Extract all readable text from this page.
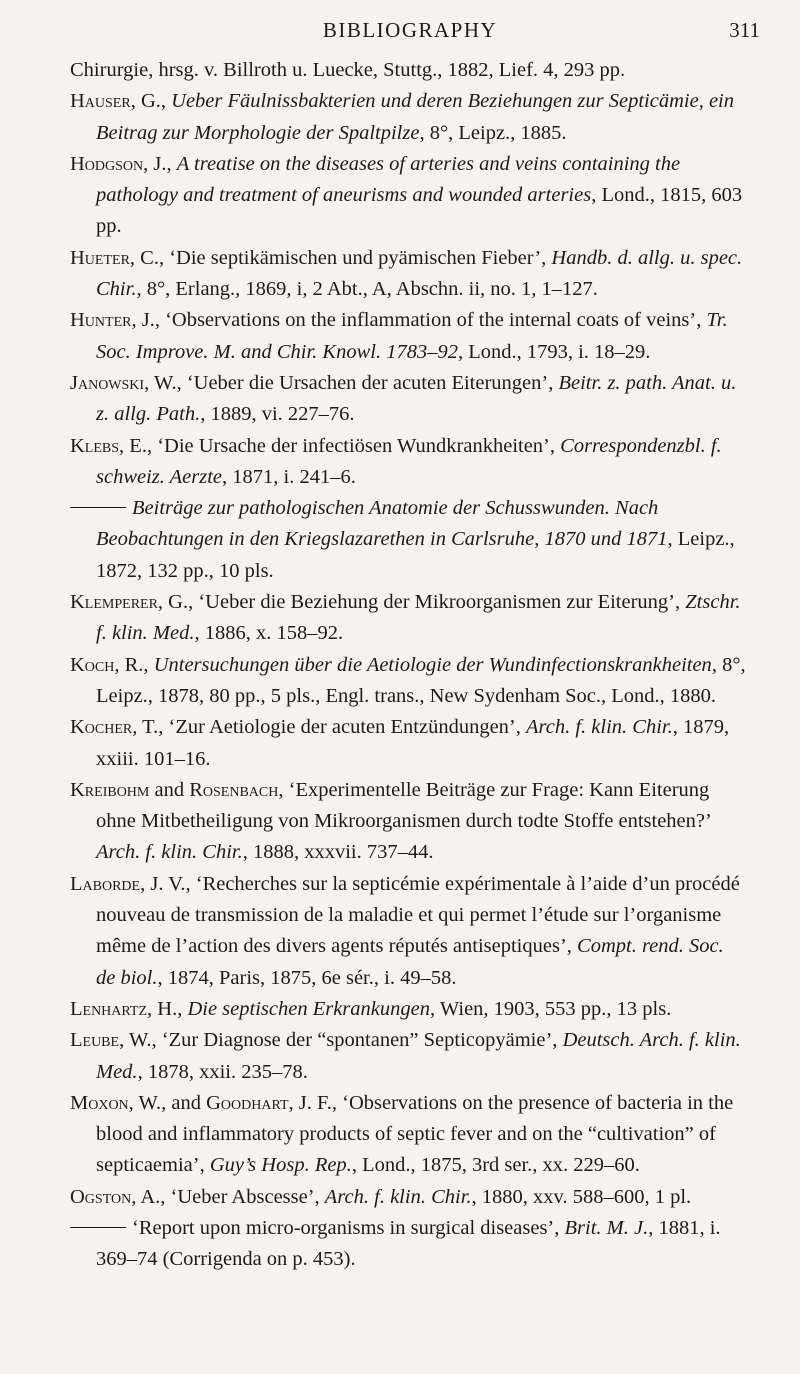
BIBLIOGRAPHY	311

Chirurgie, hrsg. v. Billroth u. Luecke, Stuttg., 1882, Lief. 4, 293 pp.

Hauser, G., Ueber Fäulnissbakterien und deren Beziehungen zur Septicämie, ein Beitrag zur Morphologie der Spaltpilze, 8°, Leipz., 1885.

Hodgson, J., A treatise on the diseases of arteries and veins containing the pathology and treatment of aneurisms and wounded arteries, Lond., 1815, 603 pp.

Hueter, C., ‘Die septikämischen und pyämischen Fieber’, Handb. d. allg. u. spec. Chir., 8°, Erlang., 1869, i, 2 Abt., A, Abschn. ii, no. 1, 1–127.

Hunter, J., ‘Observations on the inflammation of the internal coats of veins’, Tr. Soc. Improve. M. and Chir. Knowl. 1783–92, Lond., 1793, i. 18–29.

Janowski, W., ‘Ueber die Ursachen der acuten Eiterungen’, Beitr. z. path. Anat. u. z. allg. Path., 1889, vi. 227–76.

Klebs, E., ‘Die Ursache der infectiösen Wundkrankheiten’, Correspondenzbl. f. schweiz. Aerzte, 1871, i. 241–6.

Beiträge zur pathologischen Anatomie der Schusswunden. Nach Beobachtungen in den Kriegslazarethen in Carlsruhe, 1870 und 1871, Leipz., 1872, 132 pp., 10 pls.

Klemperer, G., ‘Ueber die Beziehung der Mikroorganismen zur Eiterung’, Ztschr. f. klin. Med., 1886, x. 158–92.

Koch, R., Untersuchungen über die Aetiologie der Wundinfectionskrankheiten, 8°, Leipz., 1878, 80 pp., 5 pls., Engl. trans., New Sydenham Soc., Lond., 1880.

Kocher, T., ‘Zur Aetiologie der acuten Entzündungen’, Arch. f. klin. Chir., 1879, xxiii. 101–16.

Kreibohm and Rosenbach, ‘Experimentelle Beiträge zur Frage: Kann Eiterung ohne Mitbetheiligung von Mikroorganismen durch todte Stoffe entstehen?’ Arch. f. klin. Chir., 1888, xxxvii. 737–44.

Laborde, J. V., ‘Recherches sur la septicémie expérimentale à l’aide d’un procédé nouveau de transmission de la maladie et qui permet l’étude sur l’organisme même de l’action des divers agents réputés antiseptiques’, Compt. rend. Soc. de biol., 1874, Paris, 1875, 6e sér., i. 49–58.

Lenhartz, H., Die septischen Erkrankungen, Wien, 1903, 553 pp., 13 pls.

Leube, W., ‘Zur Diagnose der “spontanen” Septicopyämie’, Deutsch. Arch. f. klin. Med., 1878, xxii. 235–78.

Moxon, W., and Goodhart, J. F., ‘Observations on the presence of bacteria in the blood and inflammatory products of septic fever and on the “cultivation” of septicaemia’, Guy’s Hosp. Rep., Lond., 1875, 3rd ser., xx. 229–60.

Ogston, A., ‘Ueber Abscesse’, Arch. f. klin. Chir., 1880, xxv. 588–600, 1 pl.

‘Report upon micro-organisms in surgical diseases’, Brit. M. J., 1881, i. 369–74 (Corrigenda on p. 453).
